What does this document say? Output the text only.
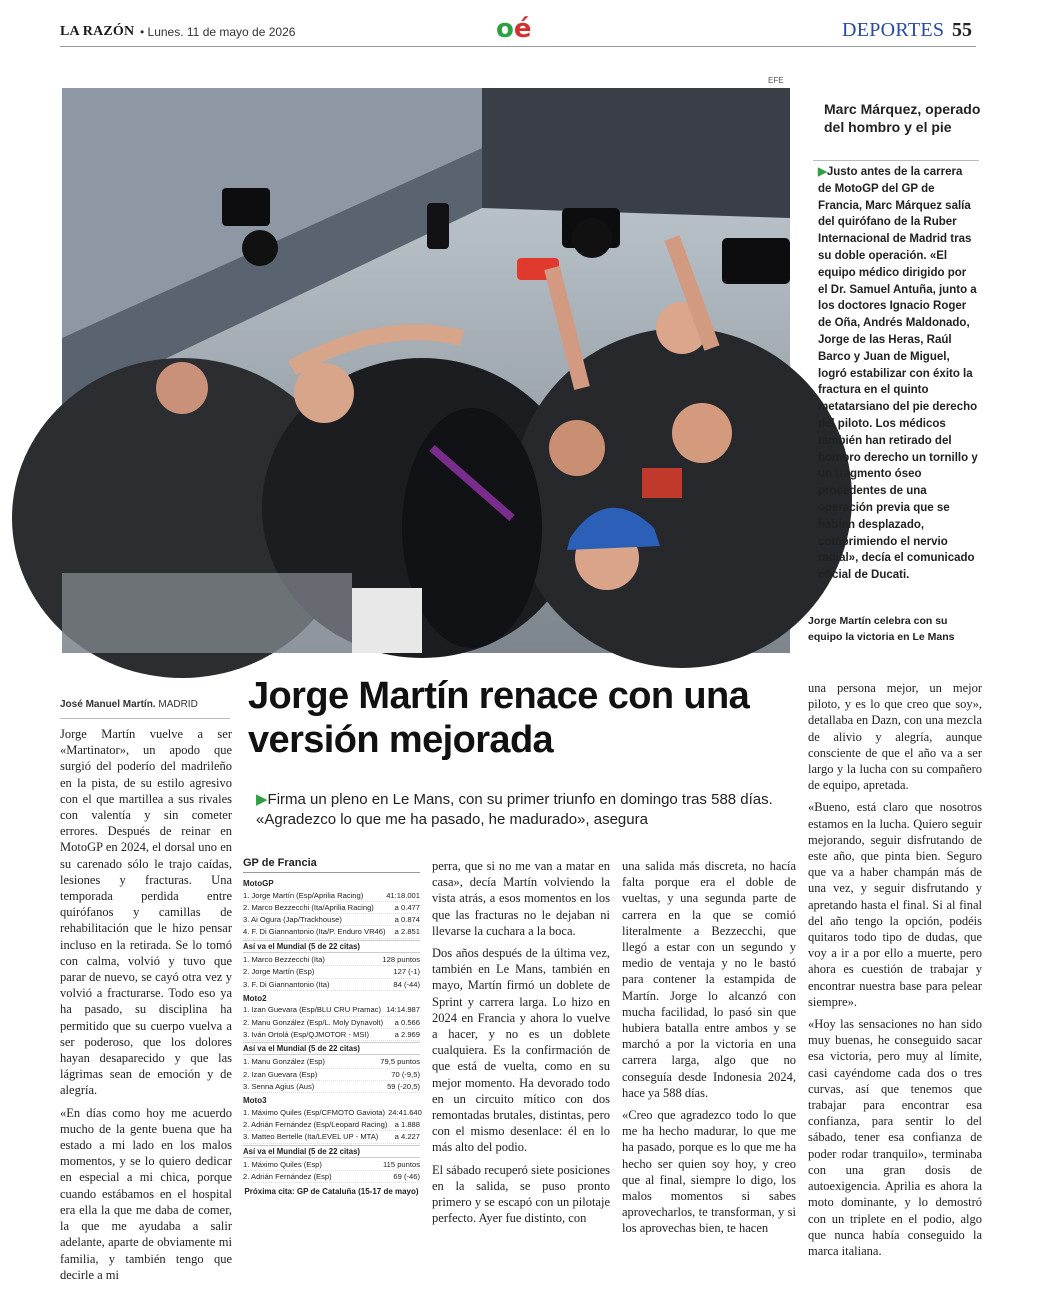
LA RAZÓN • Lunes. 11 de mayo de 2026	oé	DEPORTES 55
EFE
Marc Márquez, operado del hombro y el pie
▶Justo antes de la carrera de MotoGP del GP de Francia, Marc Márquez salía del quirófano de la Ruber Internacional de Madrid tras su doble operación. «El equipo médico dirigido por el Dr. Samuel Antuña, junto a los doctores Ignacio Roger de Oña, Andrés Maldonado, Jorge de las Heras, Raúl Barco y Juan de Miguel, logró estabilizar con éxito la fractura en el quinto metatarsiano del pie derecho del piloto. Los médicos también han retirado del hombro derecho un tornillo y un fragmento óseo procedentes de una operación previa que se habían desplazado, comprimiendo el nervio radial», decía el comunicado oficial de Ducati.
Jorge Martín celebra con su equipo la victoria en Le Mans
José Manuel Martín. MADRID Jorge Martín renace con una versión mejorada
▶Firma un pleno en Le Mans, con su primer triunfo en domingo tras 588 días. «Agradezco lo que me ha pasado, he madurado», asegura

Jorge Martín vuelve a ser «Martinator», un apodo que surgió del poderío del madrileño en la pista, de su estilo agresivo con el que martillea a sus rivales con valentía y sin cometer errores. Después de reinar en MotoGP en 2024, el dorsal uno en su carenado sólo le trajo caídas, lesiones y fracturas. Una temporada perdida entre quirófanos y camillas de rehabilitación que le hizo pensar incluso en la retirada. Se lo tomó con calma, volvió y tuvo que parar de nuevo, se cayó otra vez y volvió a fracturarse. Todo eso ya ha pasado, su disciplina ha permitido que su cuerpo vuelva a ser poderoso, que los dolores hayan desaparecido y que las lágrimas sean de emoción y de alegría.

«En días como hoy me acuerdo mucho de la gente buena que ha estado a mi lado en los malos momentos, y se lo quiero dedicar en especial a mi chica, porque cuando estábamos en el hospital era ella la que me daba de comer, la que me ayudaba a salir adelante, aparte de obviamente mi familia, y también tengo que decirle a mi

GP de Francia
MotoGP
1. Jorge Martín (Esp/Aprilia Racing)	41:18.001
2. Marco Bezzecchi (Ita/Aprilia Racing)	a 0.477
3. Ai Ogura (Jap/Trackhouse)	a 0.874
4. F. Di Giannantonio (Ita/P. Enduro VR46)	a 2.851
Así va el Mundial (5 de 22 citas)
1. Marco Bezzecchi (Ita)	128 puntos
2. Jorge Martín (Esp)	127 (-1)
3. F. Di Giannantonio (Ita)	84 (-44)
Moto2
1. Izan Guevara (Esp/BLU CRU Pramac) 14:14.987
2. Manu González (Esp/L. Moly Dynavolt)	a 0.566
3. Iván Ortolá (Esp/QJMOTOR - MSI)	a 2.969
Así va el Mundial (5 de 22 citas)
1. Manu González (Esp)	79,5 puntos
2. Izan Guevara (Esp)	70 (-9,5)
3. Senna Agius (Aus)	59 (-20,5)
Moto3
1. Máximo Quiles (Esp/CFMOTO Gaviota) 24:41.640
2. Adrián Fernández (Esp/Leopard Racing) a 1.888
3. Matteo Bertelle (Ita/LEVEL UP - MTA)	a 4.227
Así va el Mundial (5 de 22 citas)
1. Máximo Quiles (Esp)	115 puntos
2. Adrián Fernández (Esp)	69 (-46)
Próxima cita: GP de Cataluña (15-17 de mayo)

perra, que si no me van a matar en casa», decía Martín volviendo la vista atrás, a esos momentos en los que las fracturas no le dejaban ni llevarse la cuchara a la boca.

Dos años después de la última vez, también en Le Mans, también en mayo, Martín firmó un doblete de Sprint y carrera larga. Lo hizo en 2024 en Francia y ahora lo vuelve a hacer, y no es un doblete cualquiera. Es la confirmación de que está de vuelta, como en su mejor momento. Ha devorado todo en un circuito mítico con dos remontadas brutales, distintas, pero con el mismo desenlace: él en lo más alto del podio.

El sábado recuperó siete posiciones en la salida, se puso pronto primero y se escapó con un pilotaje perfecto. Ayer fue distinto, con

una salida más discreta, no hacía falta porque era el doble de vueltas, y una segunda parte de carrera en la que se comió literalmente a Bezzecchi, que llegó a estar con un segundo y medio de ventaja y no le bastó para contener la estampida de Martín. Jorge lo alcanzó con mucha facilidad, lo pasó sin que hubiera batalla entre ambos y se marchó a por la victoria en una carrera larga, algo que no conseguía desde Indonesia 2024, hace ya 588 días.

«Creo que agradezco todo lo que me ha hecho madurar, lo que me ha pasado, porque es lo que me ha hecho ser quien soy hoy, y creo que al final, siempre lo digo, los malos momentos si sabes aprovecharlos, te transforman, y si los aprovechas bien, te hacen

una persona mejor, un mejor piloto, y es lo que creo que soy», detallaba en Dazn, con una mezcla de alivio y alegría, aunque consciente de que el año va a ser largo y la lucha con su compañero de equipo, apretada.

«Bueno, está claro que nosotros estamos en la lucha. Quiero seguir mejorando, seguir disfrutando de este año, que pinta bien. Seguro que va a haber champán más de una vez, y seguir disfrutando y apretando hasta el final. Si al final del año tengo la opción, podéis quitaros todo tipo de dudas, que voy a ir a por ello a muerte, pero ahora es cuestión de trabajar y encontrar nuestra base para pelear siempre».

«Hoy las sensaciones no han sido muy buenas, he conseguido sacar esa victoria, pero muy al límite, casi cayéndome cada dos o tres curvas, así que tenemos que trabajar para encontrar esa confianza, para sentir lo del sábado, tener esa confianza de poder rodar tranquilo», terminaba con una gran dosis de autoexigencia. Aprilia es ahora la moto dominante, y lo demostró con un triplete en el podio, algo que nunca había conseguido la marca italiana.
